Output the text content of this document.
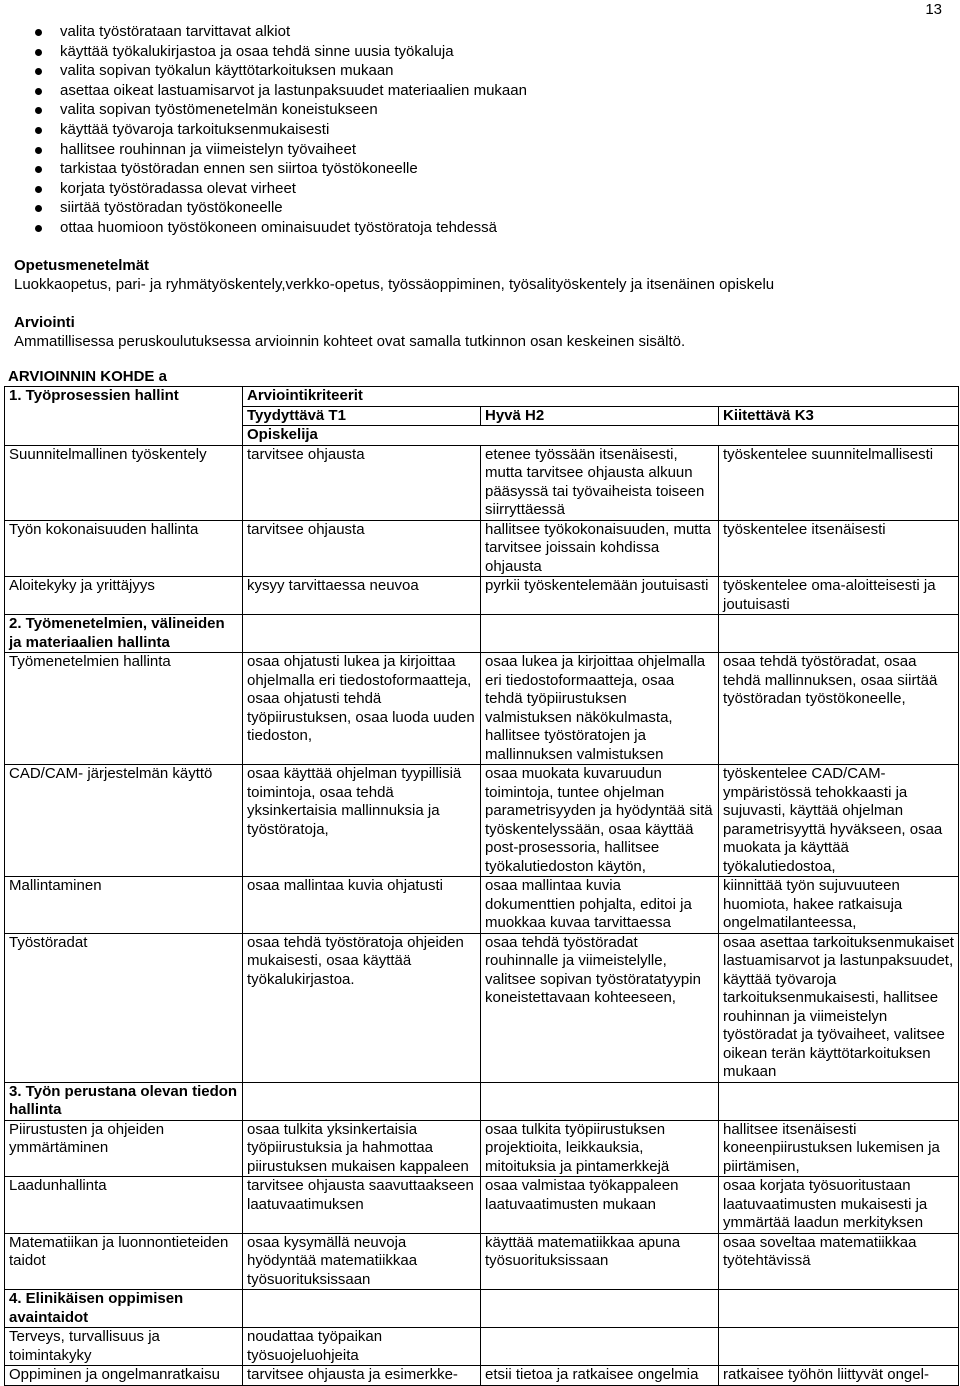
13
valita työstörataan tarvittavat alkiot
käyttää työkalukirjastoa ja osaa tehdä sinne uusia työkaluja
valita sopivan työkalun käyttötarkoituksen mukaan
asettaa oikeat lastuamisarvot ja lastunpaksuudet materiaalien mukaan
valita sopivan työstömenetelmän koneistukseen
käyttää työvaroja tarkoituksenmukaisesti
hallitsee rouhinnan ja viimeistelyn työvaiheet
tarkistaa työstöradan ennen sen siirtoa työstökoneelle
korjata työstöradassa olevat virheet
siirtää työstöradan työstökoneelle
ottaa huomioon työstökoneen ominaisuudet työstöratoja tehdessä
Opetusmenetelmät
Luokkaopetus, pari- ja ryhmätyöskentely,verkko-opetus, työssäoppiminen, työsalityöskentely ja itsenäinen opiskelu
Arviointi
Ammatillisessa peruskoulutuksessa arvioinnin kohteet ovat samalla tutkinnon osan keskeinen sisältö.
ARVIOINNIN KOHDE a
1. Työprosessien hallint	Arviointikriteerit		
	Tyydyttävä T1	Hyvä H2	Kiitettävä K3
	Opiskelija		
Suunnitelmallinen työskentely	tarvitsee ohjausta	etenee työssään itsenäisesti, mutta tarvitsee ohjausta alkuun pääsyssä tai työvaiheista toiseen siirryttäessä	työskentelee suunnitelmallisesti
Työn kokonaisuuden hallinta	tarvitsee ohjausta	hallitsee työkokonaisuuden, mutta tarvitsee joissain kohdissa ohjausta	työskentelee itsenäisesti
Aloitekyky ja yrittäjyys	kysyy tarvittaessa neuvoa	pyrkii työskentelemään joutuisasti	työskentelee oma-aloitteisesti ja joutuisasti
2. Työmenetelmien, välineiden ja materiaalien hallinta			
Työmenetelmien hallinta	osaa ohjatusti lukea ja kirjoittaa ohjelmalla eri tiedostoformaatteja, osaa ohjatusti tehdä työpiirustuksen, osaa luoda uuden tiedoston,	osaa lukea ja kirjoittaa ohjelmalla eri tiedostoformaatteja, osaa tehdä työpiirustuksen valmistuksen näkökulmasta, hallitsee työstöratojen ja mallinnuksen valmistuksen	osaa tehdä työstöradat, osaa tehdä mallinnuksen, osaa siirtää työstöradan työstökoneelle,
CAD/CAM- järjestelmän käyttö	osaa käyttää ohjelman tyypillisiä toimintoja, osaa tehdä yksinkertaisia mallinnuksia ja työstöratoja,	osaa muokata kuvaruudun toimintoja, tuntee ohjelman parametrisyyden ja hyödyntää sitä työskentelyssään, osaa käyttää post-prosessoria, hallitsee työkalutiedoston käytön,	työskentelee CAD/CAM- ympäristössä tehokkaasti ja sujuvasti, käyttää ohjelman parametrisyyttä hyväkseen, osaa muokata ja käyttää työkalutiedostoa,
Mallintaminen	osaa mallintaa kuvia ohjatusti	osaa mallintaa kuvia dokumenttien pohjalta, editoi ja muokkaa kuvaa tarvittaessa	kiinnittää työn sujuvuuteen huomiota, hakee ratkaisuja ongelmatilanteessa,
Työstöradat	osaa tehdä työstöratoja ohjeiden mukaisesti, osaa käyttää työkalukirjastoa.	osaa tehdä työstöradat rouhinnalle ja viimeistelylle, valitsee sopivan työstöratatyypin koneistettavaan kohteeseen,	osaa asettaa tarkoituksenmukaiset lastuamisarvot ja lastunpaksuudet, käyttää työvaroja tarkoituksenmukaisesti, hallitsee rouhinnan ja viimeistelyn työstöradat ja työvaiheet, valitsee oikean terän käyttötarkoituksen mukaan
3. Työn perustana olevan tiedon hallinta			
Piirustusten ja ohjeiden ymmärtäminen	osaa tulkita yksinkertaisia työpiirustuksia ja hahmottaa piirustuksen mukaisen kappaleen	osaa tulkita työpiirustuksen projektioita, leikkauksia, mitoituksia ja pintamerkkejä	hallitsee itsenäisesti koneenpiirustuksen lukemisen ja piirtämisen,
Laadunhallinta	tarvitsee ohjausta saavuttaakseen laatuvaatimuksen	osaa valmistaa työkappaleen laatuvaatimusten mukaan	osaa korjata työsuoritustaan laatuvaatimusten mukaisesti ja ymmärtää laadun merkityksen
Matematiikan ja luonnontieteiden taidot	osaa kysymällä neuvoja hyödyntää matematiikkaa työsuorituksissaan	käyttää matematiikkaa apuna työsuorituksissaan	osaa soveltaa matematiikkaa työtehtävissä
4. Elinikäisen oppimisen avaintaidot			
Terveys, turvallisuus ja toimintakyky	noudattaa työpaikan työsuojeluohjeita		
Oppiminen ja ongelmanratkaisu	tarvitsee ohjausta ja esimerkke-	etsii tietoa ja ratkaisee ongelmia	ratkaisee työhön liittyvät ongel-
